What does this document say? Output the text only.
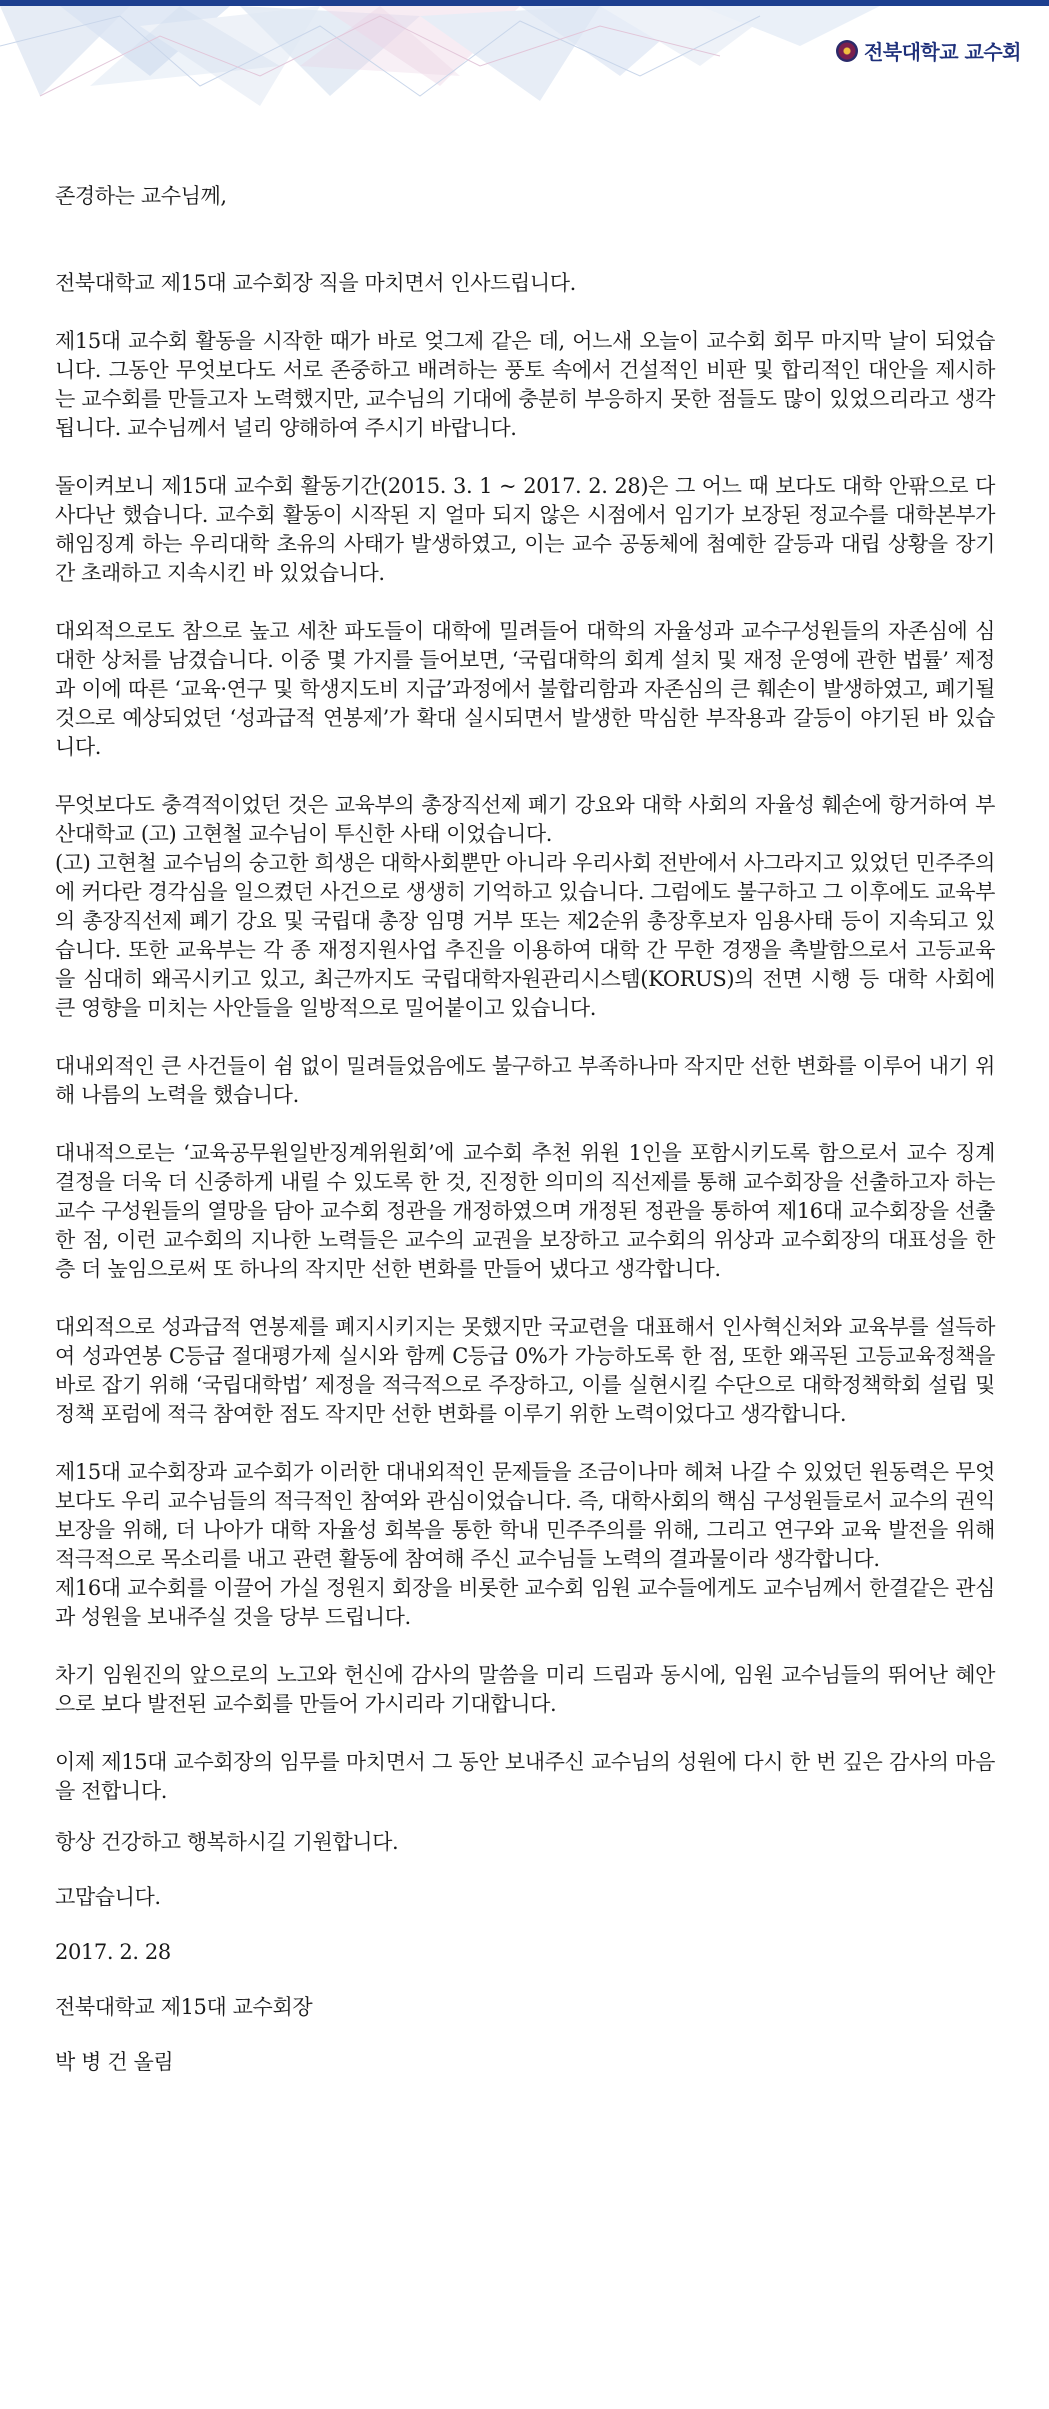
전북대학교 교수회

존경하는 교수님께,

전북대학교 제15대 교수회장 직을 마치면서 인사드립니다.

제15대 교수회 활동을 시작한 때가 바로 엊그제 같은 데, 어느새 오늘이 교수회 회무 마지막 날이 되었습니다. 그동안 무엇보다도 서로 존중하고 배려하는 풍토 속에서 건설적인 비판 및 합리적인 대안을 제시하는 교수회를 만들고자 노력했지만, 교수님의 기대에 충분히 부응하지 못한 점들도 많이 있었으리라고 생각됩니다. 교수님께서 널리 양해하여 주시기 바랍니다.

돌이켜보니 제15대 교수회 활동기간(2015. 3. 1 ~ 2017. 2. 28)은 그 어느 때 보다도 대학 안팎으로 다사다난 했습니다. 교수회 활동이 시작된 지 얼마 되지 않은 시점에서 임기가 보장된 정교수를 대학본부가 해임징계 하는 우리대학 초유의 사태가 발생하였고, 이는 교수 공동체에 첨예한 갈등과 대립 상황을 장기간 초래하고 지속시킨 바 있었습니다.

대외적으로도 참으로 높고 세찬 파도들이 대학에 밀려들어 대학의 자율성과 교수구성원들의 자존심에 심대한 상처를 남겼습니다. 이중 몇 가지를 들어보면, ‘국립대학의 회계 설치 및 재정 운영에 관한 법률’ 제정과 이에 따른 ‘교육·연구 및 학생지도비 지급’과정에서 불합리함과 자존심의 큰 훼손이 발생하였고, 폐기될 것으로 예상되었던 ‘성과급적 연봉제’가 확대 실시되면서 발생한 막심한 부작용과 갈등이 야기된 바 있습니다.

무엇보다도 충격적이었던 것은 교육부의 총장직선제 폐기 강요와 대학 사회의 자율성 훼손에 항거하여 부산대학교 (고) 고현철 교수님이 투신한 사태 이었습니다.
(고) 고현철 교수님의 숭고한 희생은 대학사회뿐만 아니라 우리사회 전반에서 사그라지고 있었던 민주주의에 커다란 경각심을 일으켰던 사건으로 생생히 기억하고 있습니다. 그럼에도 불구하고 그 이후에도 교육부의 총장직선제 폐기 강요 및 국립대 총장 임명 거부 또는 제2순위 총장후보자 임용사태 등이 지속되고 있습니다. 또한 교육부는 각 종 재정지원사업 추진을 이용하여 대학 간 무한 경쟁을 촉발함으로서 고등교육을 심대히 왜곡시키고 있고, 최근까지도 국립대학자원관리시스템(KORUS)의 전면 시행 등 대학 사회에 큰 영향을 미치는 사안들을 일방적으로 밀어붙이고 있습니다.

대내외적인 큰 사건들이 쉼 없이 밀려들었음에도 불구하고 부족하나마 작지만 선한 변화를 이루어 내기 위해 나름의 노력을 했습니다.

대내적으로는 ‘교육공무원일반징계위원회’에 교수회 추천 위원 1인을 포함시키도록 함으로서 교수 징계 결정을 더욱 더 신중하게 내릴 수 있도록 한 것, 진정한 의미의 직선제를 통해 교수회장을 선출하고자 하는 교수 구성원들의 열망을 담아 교수회 정관을 개정하였으며 개정된 정관을 통하여 제16대 교수회장을 선출한 점, 이런 교수회의 지나한 노력들은 교수의 교권을 보장하고 교수회의 위상과 교수회장의 대표성을 한층 더 높임으로써 또 하나의 작지만 선한 변화를 만들어 냈다고 생각합니다.

대외적으로 성과급적 연봉제를 폐지시키지는 못했지만 국교련을 대표해서 인사혁신처와 교육부를 설득하여 성과연봉 C등급 절대평가제 실시와 함께 C등급 0%가 가능하도록 한 점, 또한 왜곡된 고등교육정책을 바로 잡기 위해 ‘국립대학법’ 제정을 적극적으로 주장하고, 이를 실현시킬 수단으로 대학정책학회 설립 및 정책 포럼에 적극 참여한 점도 작지만 선한 변화를 이루기 위한 노력이었다고 생각합니다.

제15대 교수회장과 교수회가 이러한 대내외적인 문제들을 조금이나마 헤쳐 나갈 수 있었던 원동력은 무엇보다도 우리 교수님들의 적극적인 참여와 관심이었습니다. 즉, 대학사회의 핵심 구성원들로서 교수의 권익 보장을 위해, 더 나아가 대학 자율성 회복을 통한 학내 민주주의를 위해, 그리고 연구와 교육 발전을 위해 적극적으로 목소리를 내고 관련 활동에 참여해 주신 교수님들 노력의 결과물이라 생각합니다.
제16대 교수회를 이끌어 가실 정원지 회장을 비롯한 교수회 임원 교수들에게도 교수님께서 한결같은 관심과 성원을 보내주실 것을 당부 드립니다.

차기 임원진의 앞으로의 노고와 헌신에 감사의 말씀을 미리 드림과 동시에, 임원 교수님들의 뛰어난 혜안으로 보다 발전된 교수회를 만들어 가시리라 기대합니다.

이제 제15대 교수회장의 임무를 마치면서 그 동안 보내주신 교수님의 성원에 다시 한 번 깊은 감사의 마음을 전합니다.

항상 건강하고 행복하시길 기원합니다.

고맙습니다.

2017. 2. 28

전북대학교 제15대 교수회장

박 병 건 올림
